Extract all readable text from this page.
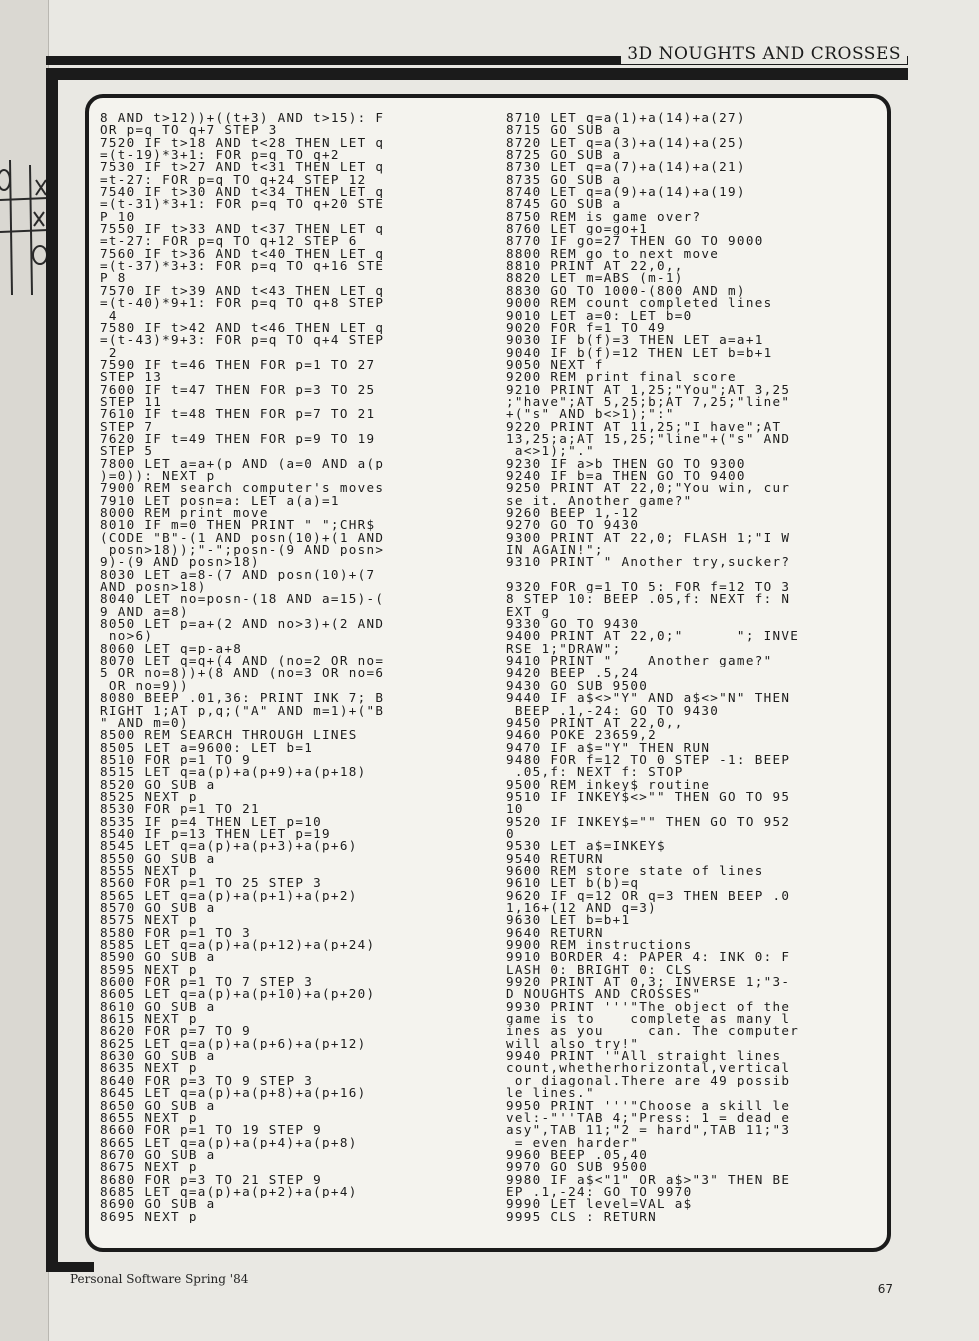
3D NOUGHTS AND CROSSES
8 AND t>12))+((t+3) AND t>15): F
OR p=q TO q+7 STEP 3
7520 IF t>18 AND t<28 THEN LET q
=(t-19)*3+1: FOR p=q TO q+2
7530 IF t>27 AND t<31 THEN LET q
=t-27: FOR p=q TO q+24 STEP 12
7540 IF t>30 AND t<34 THEN LET q
=(t-31)*3+1: FOR p=q TO q+20 STE
P 10
7550 IF t>33 AND t<37 THEN LET q
=t-27: FOR p=q TO q+12 STEP 6
7560 IF t>36 AND t<40 THEN LET q
=(t-37)*3+3: FOR p=q TO q+16 STE
P 8
7570 IF t>39 AND t<43 THEN LET q
=(t-40)*9+1: FOR p=q TO q+8 STEP
4
7580 IF t>42 AND t<46 THEN LET q
=(t-43)*9+3: FOR p=q TO q+4 STEP
2
7590 IF t=46 THEN FOR p=1 TO 27
STEP 13
7600 IF t=47 THEN FOR p=3 TO 25
STEP 11
7610 IF t=48 THEN FOR p=7 TO 21
STEP 7
7620 IF t=49 THEN FOR p=9 TO 19
STEP 5
7800 LET a=a+(p AND (a=0 AND a(p
)=0)): NEXT p
7900 REM search computer's moves
7910 LET posn=a: LET a(a)=1
8000 REM print move
8010 IF m=0 THEN PRINT " ";CHR$
(CODE "B"-(1 AND posn(10)+(1 AND
posn>18));"-";posn-(9 AND posn>
9)-(9 AND posn>18)
8030 LET a=8-(7 AND posn(10)+(7
AND posn>18)
8040 LET no=posn-(18 AND a=15)-(
9 AND a=8)
8050 LET p=a+(2 AND no>3)+(2 AND
no>6)
8060 LET q=p-a+8
8070 LET q=q+(4 AND (no=2 OR no=
5 OR no=8))+(8 AND (no=3 OR no=6
OR no=9))
8080 BEEP .01,36: PRINT INK 7; B
RIGHT 1;AT p,q;("A" AND m=1)+("B
" AND m=0)
8500 REM SEARCH THROUGH LINES
8505 LET a=9600: LET b=1
8510 FOR p=1 TO 9
8515 LET q=a(p)+a(p+9)+a(p+18)
8520 GO SUB a
8525 NEXT p
8530 FOR p=1 TO 21
8535 IF p=4 THEN LET p=10
8540 IF p=13 THEN LET p=19
8545 LET q=a(p)+a(p+3)+a(p+6)
8550 GO SUB a
8555 NEXT p
8560 FOR p=1 TO 25 STEP 3
8565 LET q=a(p)+a(p+1)+a(p+2)
8570 GO SUB a
8575 NEXT p
8580 FOR p=1 TO 3
8585 LET q=a(p)+a(p+12)+a(p+24)
8590 GO SUB a
8595 NEXT p
8600 FOR p=1 TO 7 STEP 3
8605 LET q=a(p)+a(p+10)+a(p+20)
8610 GO SUB a
8615 NEXT p
8620 FOR p=7 TO 9
8625 LET q=a(p)+a(p+6)+a(p+12)
8630 GO SUB a
8635 NEXT p
8640 FOR p=3 TO 9 STEP 3
8645 LET q=a(p)+a(p+8)+a(p+16)
8650 GO SUB a
8655 NEXT p
8660 FOR p=1 TO 19 STEP 9
8665 LET q=a(p)+a(p+4)+a(p+8)
8670 GO SUB a
8675 NEXT p
8680 FOR p=3 TO 21 STEP 9
8685 LET q=a(p)+a(p+2)+a(p+4)
8690 GO SUB a
8695 NEXT p
8710 LET q=a(1)+a(14)+a(27)
8715 GO SUB a
8720 LET q=a(3)+a(14)+a(25)
8725 GO SUB a
8730 LET q=a(7)+a(14)+a(21)
8735 GO SUB a
8740 LET q=a(9)+a(14)+a(19)
8745 GO SUB a
8750 REM is game over?
8760 LET go=go+1
8770 IF go=27 THEN GO TO 9000
8800 REM go to next move
8810 PRINT AT 22,0,,
8820 LET m=ABS (m-1)
8830 GO TO 1000-(800 AND m)
9000 REM count completed lines
9010 LET a=0: LET b=0
9020 FOR f=1 TO 49
9030 IF b(f)=3 THEN LET a=a+1
9040 IF b(f)=12 THEN LET b=b+1
9050 NEXT f
9200 REM print final score
9210 PRINT AT 1,25;"You";AT 3,25
;"have";AT 5,25;b;AT 7,25;"line"
+("s" AND b<>1);":"
9220 PRINT AT 11,25;"I have";AT
13,25;a;AT 15,25;"line"+("s" AND
a<>1);"."
9230 IF a>b THEN GO TO 9300
9240 IF b=a THEN GO TO 9400
9250 PRINT AT 22,0;"You win, cur
se it. Another game?"
9260 BEEP 1,-12
9270 GO TO 9430
9300 PRINT AT 22,0; FLASH 1;"I W
IN AGAIN!";
9310 PRINT " Another try,sucker?
9320 FOR g=1 TO 5: FOR f=12 TO 3
8 STEP 10: BEEP .05,f: NEXT f: N
EXT g
9330 GO TO 9430
9400 PRINT AT 22,0;"      "; INVE
RSE 1;"DRAW";
9410 PRINT "    Another game?"
9420 BEEP .5,24
9430 GO SUB 9500
9440 IF a$<>"Y" AND a$<>"N" THEN
BEEP .1,-24: GO TO 9430
9450 PRINT AT 22,0,,
9460 POKE 23659,2
9470 IF a$="Y" THEN RUN
9480 FOR f=12 TO 0 STEP -1: BEEP
.05,f: NEXT f: STOP
9500 REM inkey$ routine
9510 IF INKEY$<>"" THEN GO TO 95
10
9520 IF INKEY$="" THEN GO TO 952
0
9530 LET a$=INKEY$
9540 RETURN
9600 REM store state of lines
9610 LET b(b)=q
9620 IF q=12 OR q=3 THEN BEEP .0
1,16+(12 AND q=3)
9630 LET b=b+1
9640 RETURN
9900 REM instructions
9910 BORDER 4: PAPER 4: INK 0: F
LASH 0: BRIGHT 0: CLS
9920 PRINT AT 0,3; INVERSE 1;"3-
D NOUGHTS AND CROSSES"
9930 PRINT '''"The object of the
game is to    complete as many l
ines as you     can. The computer
will also try!"
9940 PRINT '"All straight lines
count,whetherhorizontal,vertical
or diagonal.There are 49 possib
le lines."
9950 PRINT '''"Choose a skill le
vel:-"''TAB 4;"Press: 1 = dead e
asy",TAB 11;"2 = hard",TAB 11;"3
= even harder"
9960 BEEP .05,40
9970 GO SUB 9500
9980 IF a$<"1" OR a$>"3" THEN BE
EP .1,-24: GO TO 9970
9990 LET level=VAL a$
9995 CLS : RETURN
Personal Software Spring '84
67
